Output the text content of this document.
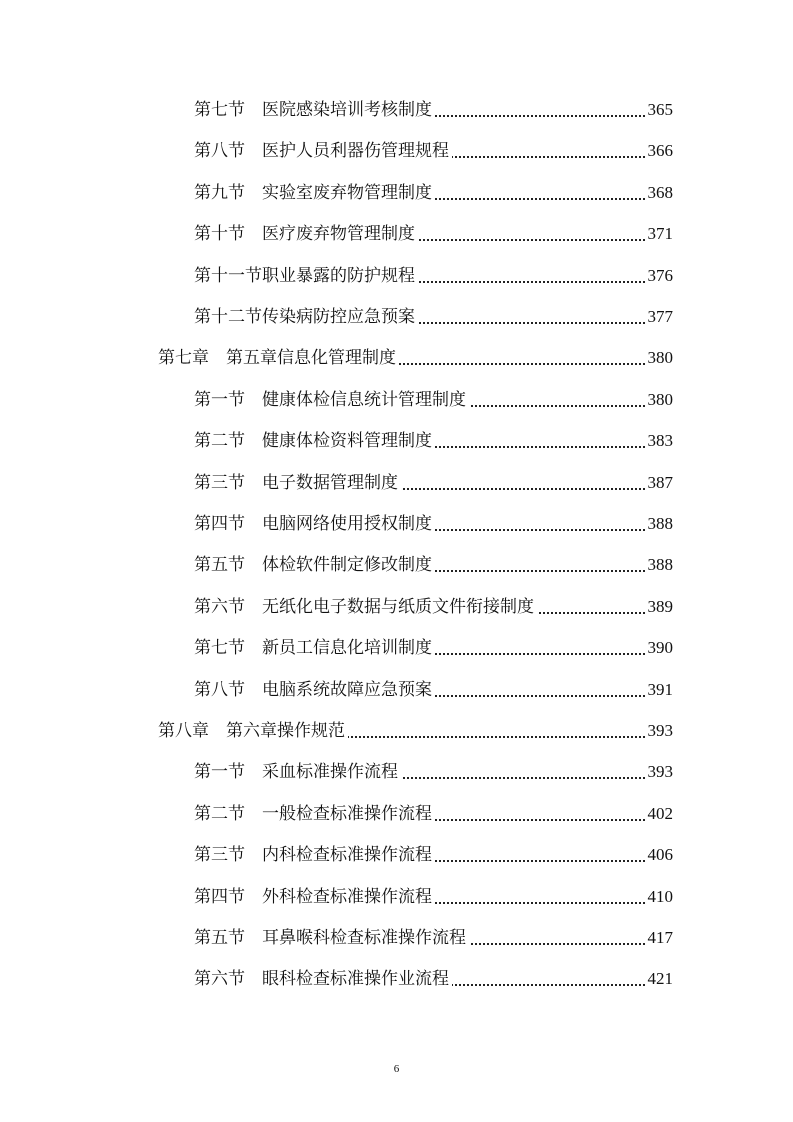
第七节 医院感染培训考核制度	365
第八节 医护人员利器伤管理规程	366
第九节 实验室废弃物管理制度	368
第十节 医疗废弃物管理制度	371
第十一节 职业暴露的防护规程	376
第十二节 传染病防控应急预案	377
第七章 第五章信息化管理制度	380
第一节 健康体检信息统计管理制度	380
第二节 健康体检资料管理制度	383
第三节 电子数据管理制度	387
第四节 电脑网络使用授权制度	388
第五节 体检软件制定修改制度	388
第六节 无纸化电子数据与纸质文件衔接制度	389
第七节 新员工信息化培训制度	390
第八节 电脑系统故障应急预案	391
第八章 第六章操作规范	393
第一节 采血标准操作流程	393
第二节 一般检查标准操作流程	402
第三节 内科检查标准操作流程	406
第四节 外科检查标准操作流程	410
第五节 耳鼻喉科检查标准操作流程	417
第六节 眼科检查标准操作业流程	421
6
